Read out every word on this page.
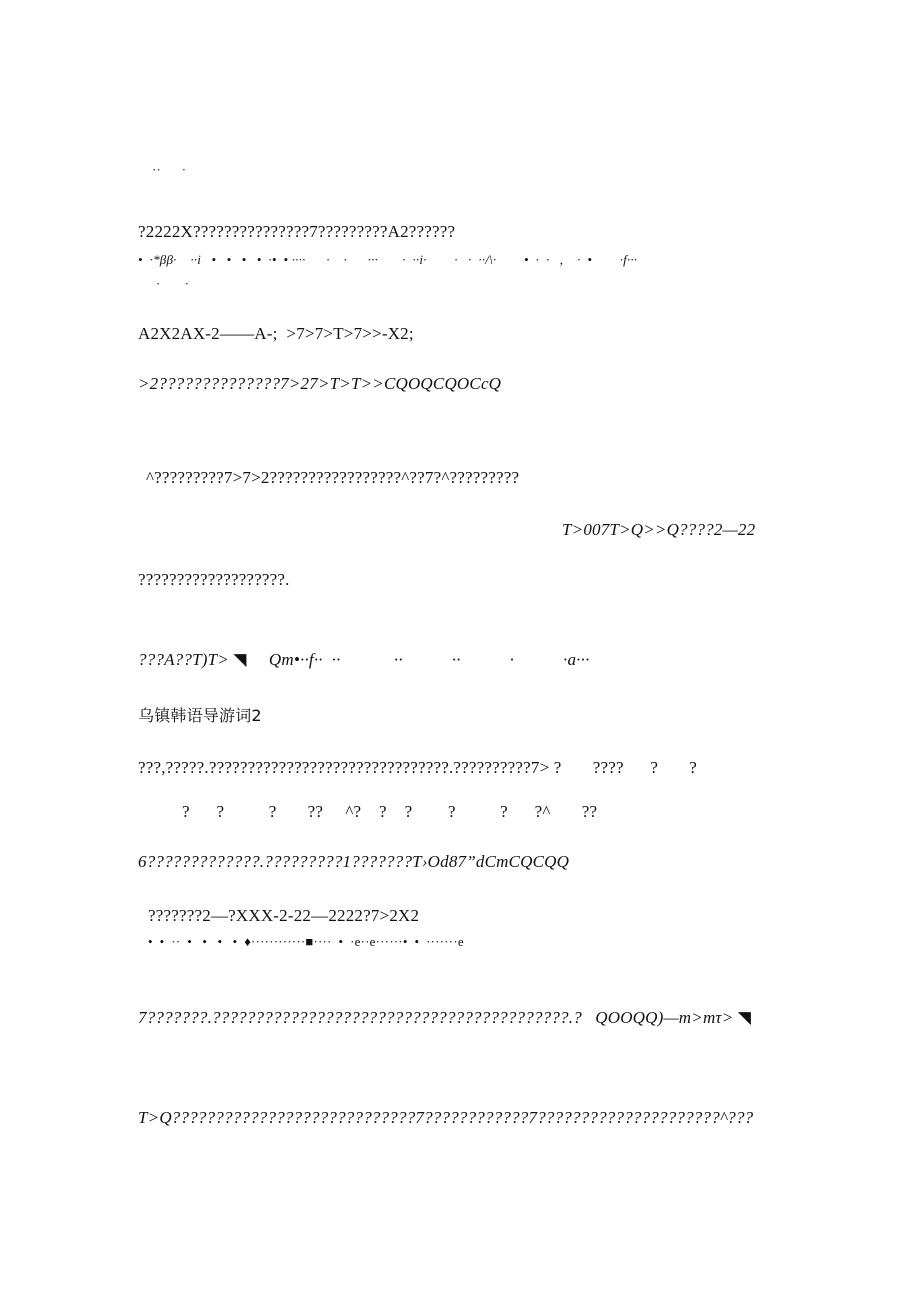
··      ·
?2222X???????????????7?????????A2??????
•  ·*ββ·    ··i   •   •   •   •  ·•  • ····      ·    ·      ···       ·  ··i·        ·   ·  ··/\·        •  ·  ·   ,    ·  •        ·f···
·       ·
A2X2AX-2——A-;  >7>7>T>7>>-X2;
>2??????????????7>27>T>T>>CQOQCQOCcQ
^?????????7>7>2?????????????????^??7?^?????????
T>007T>Q>>Q????2—22
???????????????????.
???A??T)T> ◥     Qm•··f··  ··            ··           ··           ·           ·a···
乌镇韩语导游词2
???,?????.???????????????????????????????.??????????7> ?       ????      ?       ?
?      ?          ?       ??     ^?    ?    ?        ?          ?      ?^       ??
6?????????????.?????????1???????T›Od87”dCmCQCQQ
???????2—?XXX-2-22—2222?7>2X2
•  •  ··  •   •   •   •  ♦············■····  •  ·e··e······•  •  ·······e
7???????.?????????????????????????????????????????.?   QOOQQ)—m>mτ> ◥
T>Q????????????????????????????7????????????7?????????????????????^???
